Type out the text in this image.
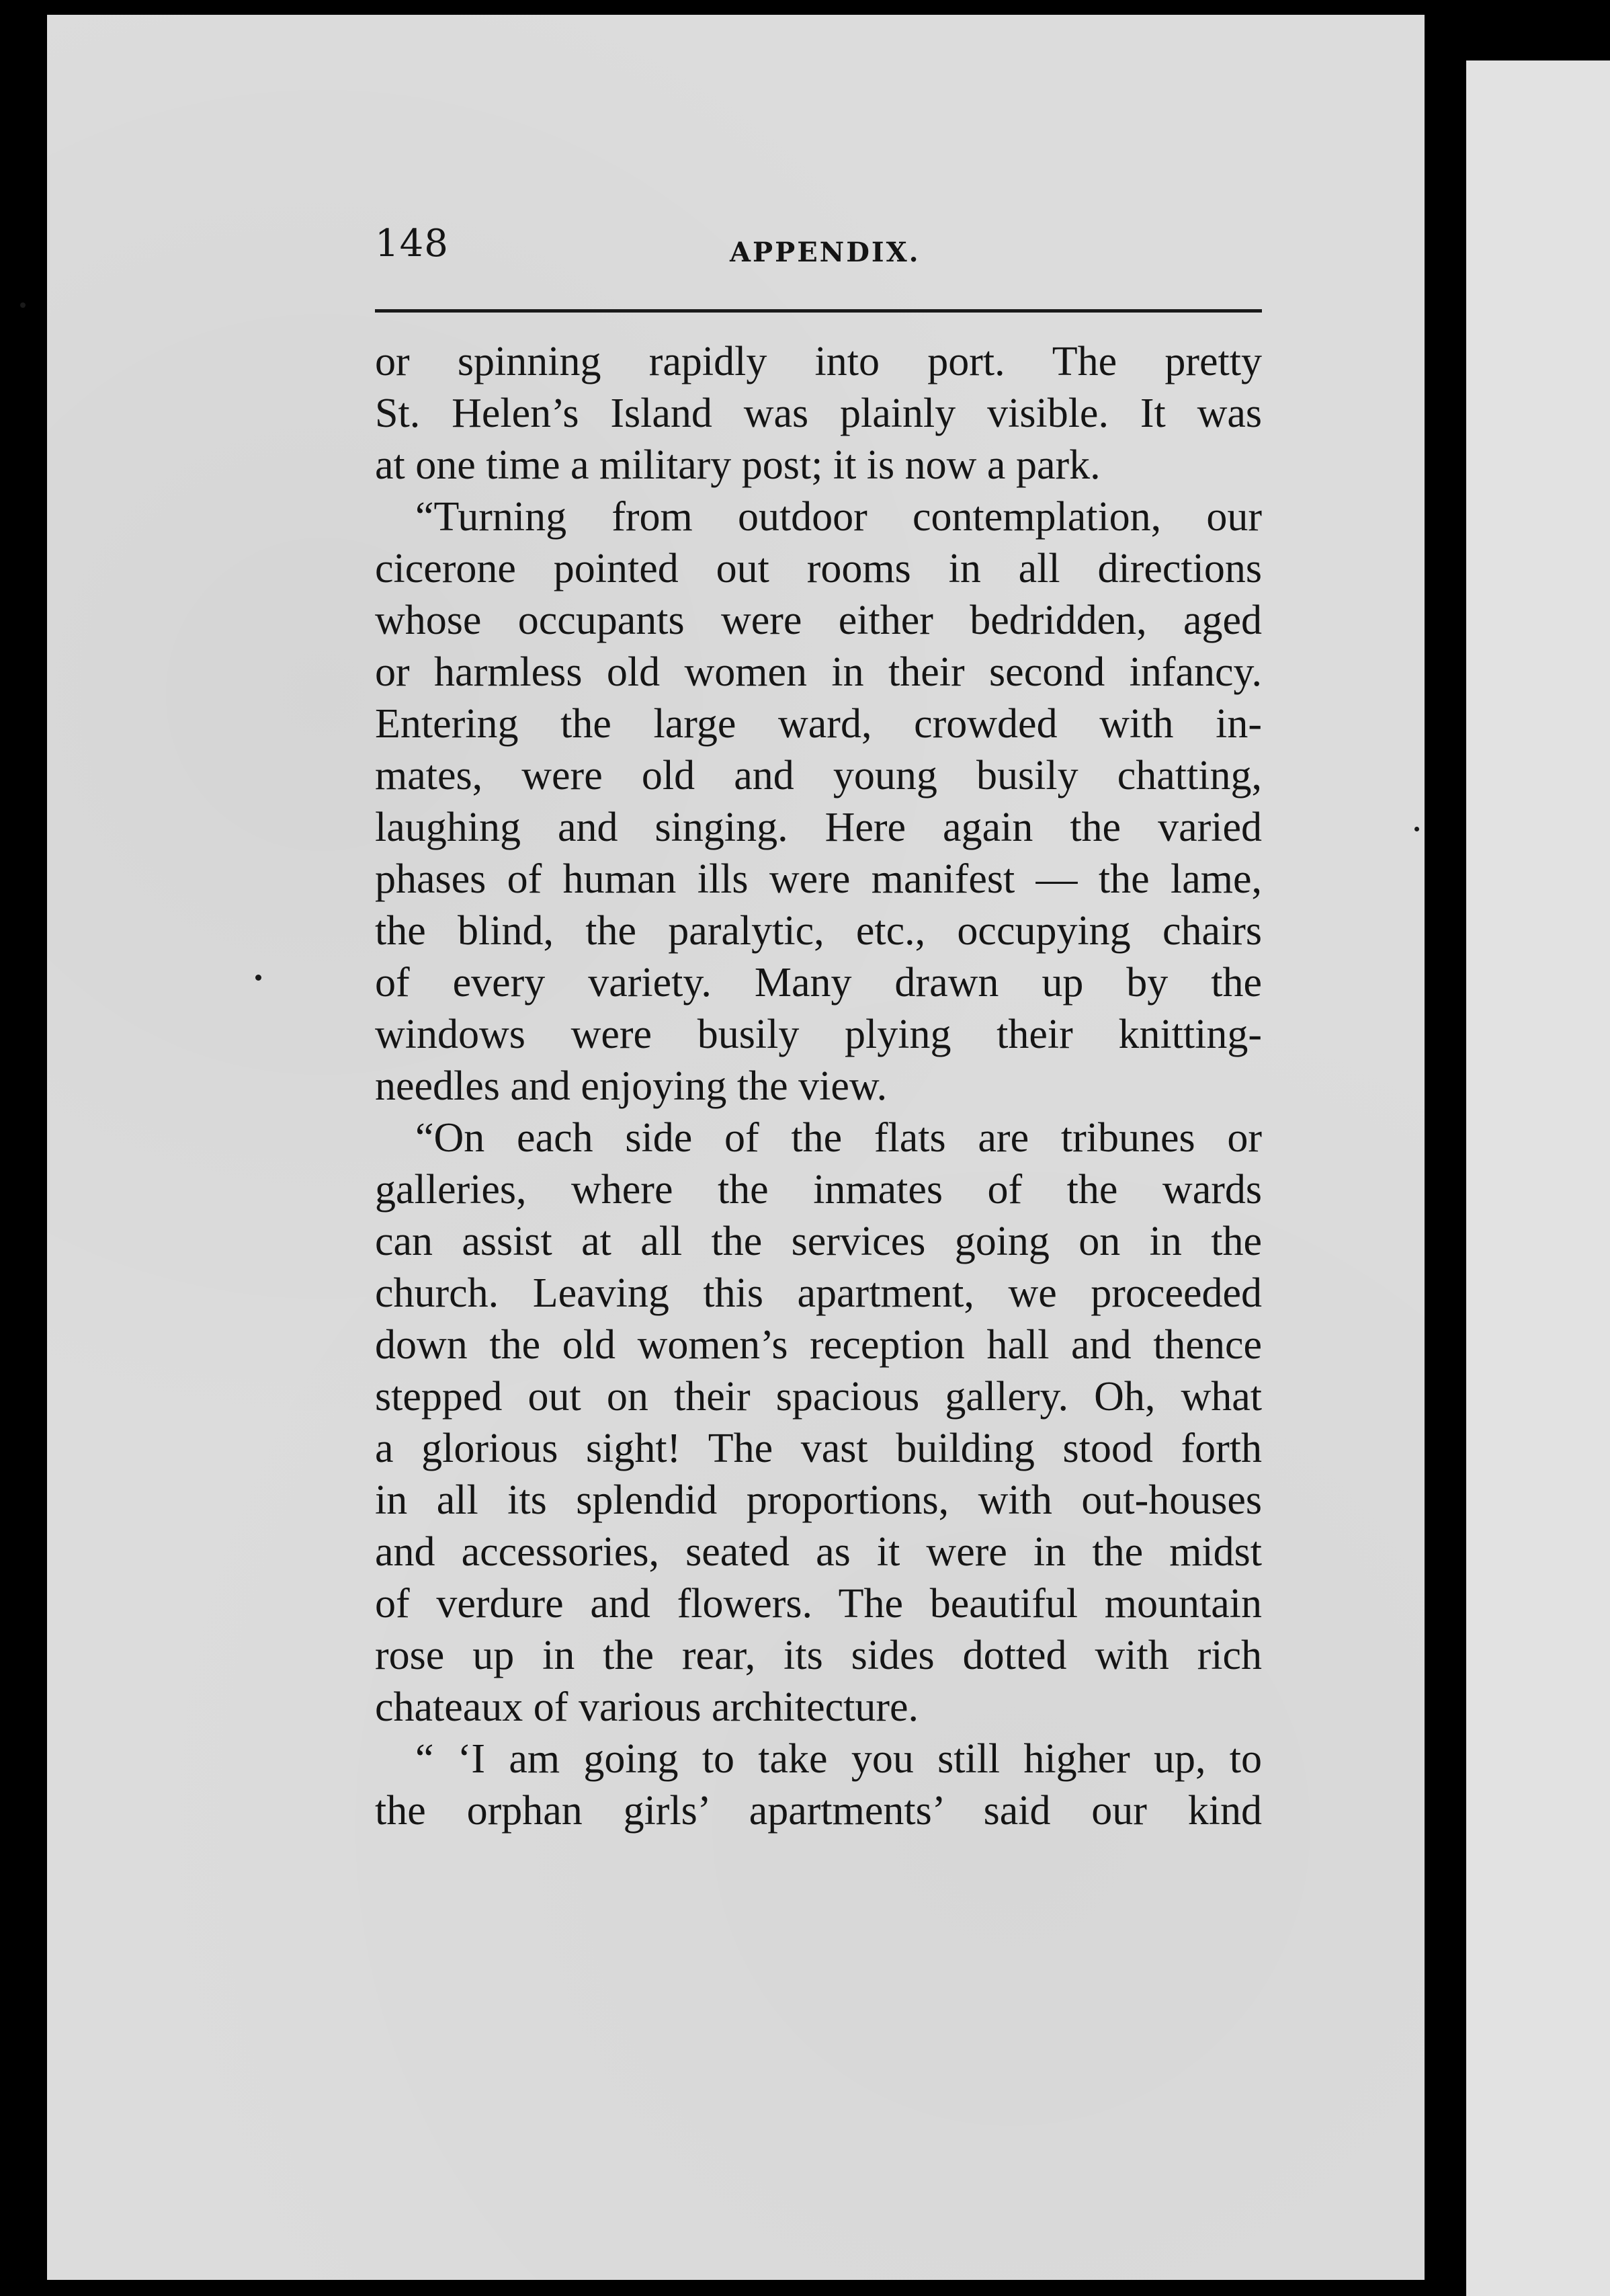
148	APPENDIX.

or spinning rapidly into port. The pretty
St. Helen’s Island was plainly visible. It was
at one time a military post; it is now a park.

“Turning from outdoor contemplation, our
cicerone pointed out rooms in all directions
whose occupants were either bedridden, aged
or harmless old women in their second infancy.
Entering the large ward, crowded with in-
mates, were old and young busily chatting,
laughing and singing. Here again the varied
phases of human ills were manifest — the lame,
the blind, the paralytic, etc., occupying chairs
of every variety. Many drawn up by the
windows were busily plying their knitting-
needles and enjoying the view.

“On each side of the flats are tribunes or
galleries, where the inmates of the wards
can assist at all the services going on in the
church. Leaving this apartment, we proceeded
down the old women’s reception hall and thence
stepped out on their spacious gallery. Oh, what
a glorious sight! The vast building stood forth
in all its splendid proportions, with out-houses
and accessories, seated as it were in the midst
of verdure and flowers. The beautiful mountain
rose up in the rear, its sides dotted with rich
chateaux of various architecture.

“ ‘I am going to take you still higher up, to
the orphan girls’ apartments’ said our kind
